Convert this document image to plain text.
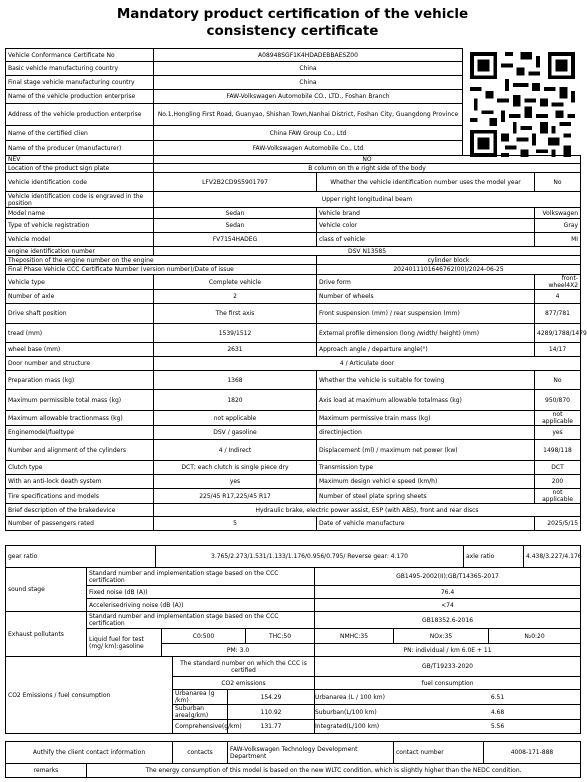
Mandatory product certification of the vehicle
consistency certificate
Vehicle Conformance Certificate No	A08948SGF1K4HDADEBBAESZ00
Basic vehicle manufacturing country	China
Final stage vehicle manufacturing country	China
Name of the vehicle production enterprise	FAW-Volkswagen Automobile CO., LTD., Foshan Branch
Address of the vehicle production enterprise	No.1,Hongling First Road, Guanyao, Shishan Town,Nanhai District, Foshan City, Guangdong Province
Name of the certified clien	China FAW Group Co., Ltd
Name of the producer (manufacturer)	FAW-Volkswagen Automobile Co., Ltd
NEV	NO		
Location of the product sign plate	B column on th e right side of the body		
Vehicle identification code	LFV2B2CD9S5901797	Whether the vehicle identification number uses the model year	No
Vehicle identification code is engraved in the position	Upper right longitudinal beam		
Model name	Sedan	Vehicle brand	Volkswagen
Type of vehicle registration	Sedan	Vehicle color	Gray
Vehicle model	FV7154HADEG	class of vehicle	MI
engine identification number	DSV N13585		
Theposition of the engine number on the engine		cylinder block	
Final Phase Vehicle CCC Certificate Number (version number)/Date of issue		2024011101646762(00)/2024-06-25	
Vehicle type	Complete vehicle	Drive form	front-wheel4X2
Number of axle	2	Number of wheels	4
Drive shaft position	The first axis	Front suspension (mm) / rear suspension (mm)	877/781
tread (mm)	1539/1512	External profile dimension (long /width/ height) (mm)	4289/1788/1479
wheel base (mm)	2631	Approach angle / departure angle(°)	14/17
Door number and structure	4 / Articulate door		
Preparation mass (kg)	1368	Whether the vehicle is suitable for towing	No
Maximum permissible total mass (kg)	1820	Axis load at maximum allowable totalmass (kg)	950/870
Maximum allowable tractionmass (kg)	not applicable	Maximum permissive train mass (kg)	not applicable
Enginemodel/fueltype	DSV / gasoline	directinjection	yes
Number and alignment of the cylinders	4 / Indirect	Displacement (ml) / maximum net power (kw)	1498/118
Clutch type	DCT; each clutch is single piece dry	Transmission type	DCT
With an anti-lock death system	yes	Maximum design vehicl e speed (km/h)	200
Tire specifications and models	225/45 R17,225/45 R17	Number of steel plate spring sheets	not applicable
Brief description of the brakedevice	Hydraulic brake, electric power assist, ESP (with ABS), front and rear discs		
Number of passengers rated	5	Date of vehicle manufacture	2025/5/15
gear ratio	3.765/2.273/1.531/1.133/1.176/0.956/0.795/ Reverse gear: 4.170	axle ratio	4.438/3.227/4.176
sound stage	Standard number and implementation stage based on the CCC certification	GB1495-2002(II);GB/T14365-2017
	Fixed noise (dB (A))	76.4
	Accelerisedriving noise (dB (A))	<74
Exhaust pollutants	Standard number and implementation stage based on the CCC certification			GB18352.6-2016		
	Liquid fuel for test (mg/ km):gasoline	C0:500	THC:50	NMHC:35	NOx:35	N₂0:20
		PM: 3.0		PN: individual / km 6.0E + 11		
CO2 Emissions / fuel consumption	The standard number on which the CCC is certified		GB/T19233-2020
	CO2 emissions		fuel consumption
	Urbanarea (g /km)	154.29	Urbanarea (L / 100 km) 6.51

	Suburban area(g/km)	110.92	Suburban(L/100 km) 4.68

	Comprehensive(g/km)	131.77	Integrated(L/100 km) 5.56
Authify the client contact information	contacts	FAW-Volkswagen Technology Development Department	contact number	4008-171-888
remarks	The energy consumption of this model is based on the new WLTC condition, which is slightly higher than the NEDC condition.
